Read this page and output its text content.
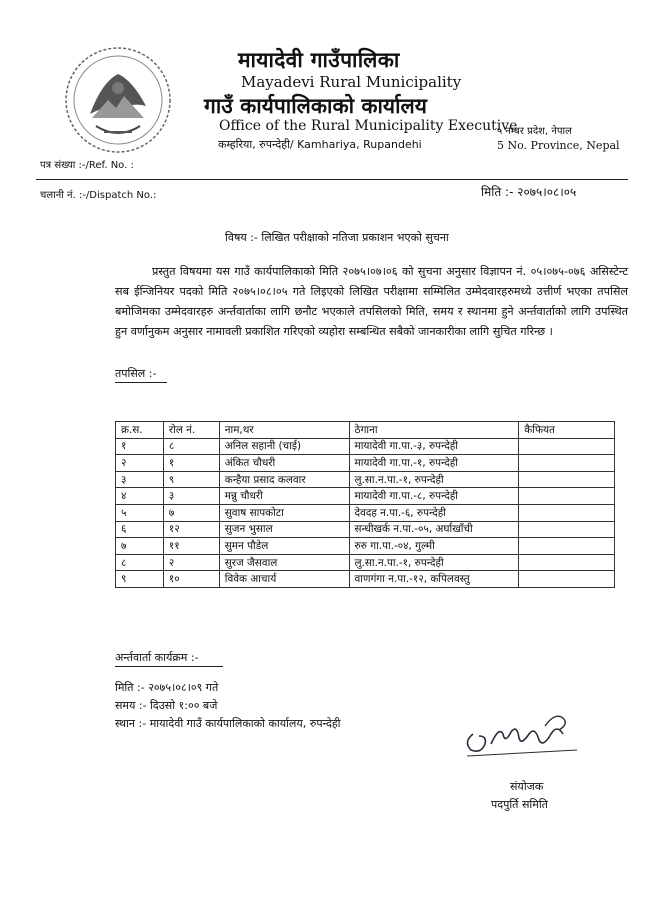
मायादेवी गाउँपालिका
Mayadevi Rural Municipality
गाउँ कार्यपालिकाको कार्यालय
Office of the Rural Municipality Executive
कम्हरिया, रुपन्देही/ Kamhariya, Rupandehi
५ नम्बर प्रदेश, नेपाल
5 No. Province, Nepal
पत्र संख्या :-/Ref. No. :
चलानी नं. :-/Dispatch No.:	मिति :- २०७५।०८।०५
विषय :- लिखित परीक्षाको नतिजा प्रकाशन भएको सुचना
प्रस्तुत विषयमा यस गाउँ कार्यपालिकाको मिति २०७५।०७।०६ को सुचना अनुसार विज्ञापन नं. ०५।०७५-०७६ असिस्टेन्ट सब ईन्जिनियर पदको मिति २०७५।०८।०५ गते लिइएको लिखित परीक्षामा सम्मिलित उम्मेदवारहरुमध्ये उत्तीर्ण भएका तपसिल बमोजिमका उम्मेदवारहरु अर्न्तवार्ताका लागि छनौट भएकाले तपसिलको मिति, समय र स्थानमा हुने अर्न्तवार्ताको लागि उपस्थित हुन वर्णानुकम अनुसार नामावली प्रकाशित गरिएको व्यहोरा सम्बन्धित सबैको जानकारीका लागि सुचित गरिन्छ ।
तपसिल :-
क्र.स.	रोल नं.	नाम,थर	ठेगाना	कैफियत
१	८	अनिल सहानी (चाई)	मायादेवी गा.पा.-३, रुपन्देही	
२	१	अंकित चौधरी	मायादेवी गा.पा.-१, रुपन्देही	
३	९	कन्हैया प्रसाद कलवार	लु.सा.न.पा.-१, रुपन्देही	
४	३	मन्नु चौधरी	मायादेवी गा.पा.-८, रुपन्देही	
५	७	सुवाष सापकोटा	देवदह न.पा.-६, रुपन्देही	
६	१२	सुजन भुसाल	सन्धीखर्क न.पा.-०५, अर्घाखाँची	
७	११	सुमन पौडेल	रुरु गा.पा.-०४, गुल्मी	
८	२	सुरज जैसवाल	लु.सा.न.पा.-१, रुपन्देही	
९	१०	विवेक आचार्य	वाणगंगा न.पा.-१२, कपिलवस्तु	
अर्न्तवार्ता कार्यक्रम :-
मिति :- २०७५।०८।०९ गते
समय :- दिउसो १:०० बजे
स्थान :- मायादेवी गाउँ कार्यपालिकाको कार्यालय, रुपन्देही
संयोजक
पदपुर्ति समिति
